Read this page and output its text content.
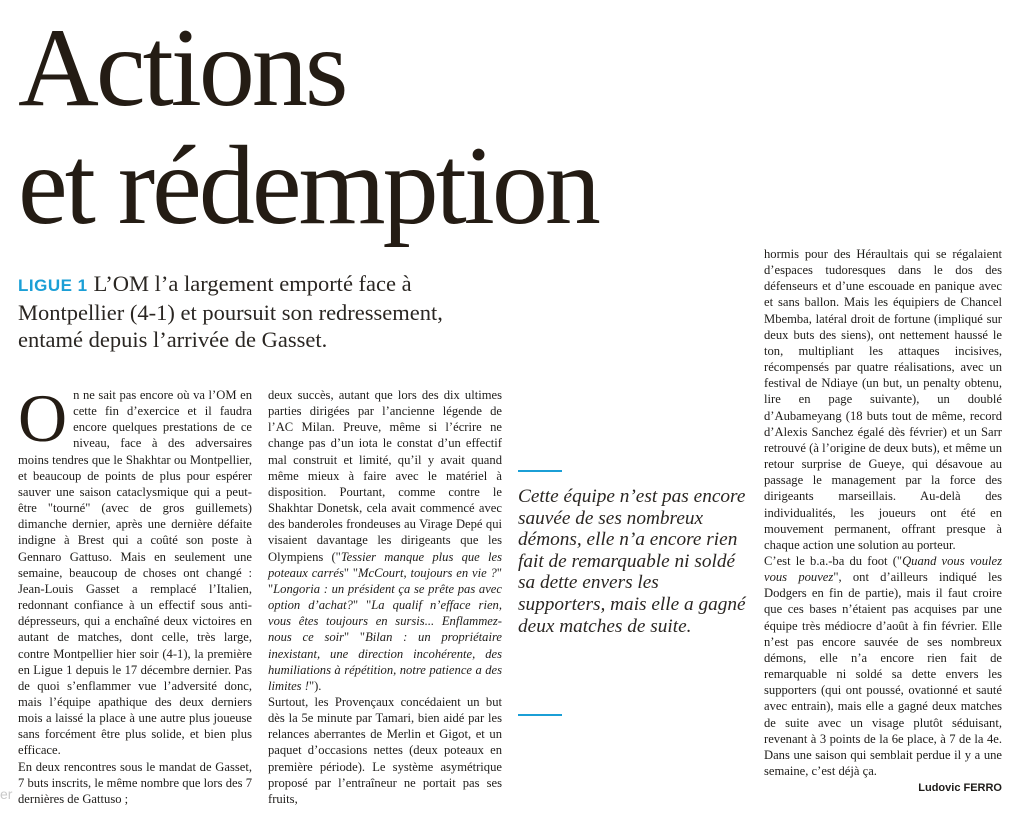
Actions
et rédemption
LIGUE 1 L’OM l’a largement emporté face à Montpellier (4-1) et poursuit son redressement, entamé depuis l’arrivée de Gasset.

On ne sait pas encore où va l’OM en cette fin d’exercice et il faudra encore quelques prestations de ce niveau, face à des adversaires moins tendres que le Shakhtar ou Montpellier, et beaucoup de points de plus pour espérer sauver une saison cataclysmique qui a peut-être "tourné" (avec de gros guillemets) dimanche dernier, après une dernière défaite indigne à Brest qui a coûté son poste à Gennaro Gattuso. Mais en seulement une semaine, beaucoup de choses ont changé : Jean-Louis Gasset a remplacé l’Italien, redonnant confiance à un effectif sous anti-dépresseurs, qui a enchaîné deux victoires en autant de matches, dont celle, très large, contre Montpellier hier soir (4-1), la première en Ligue 1 depuis le 17 décembre dernier. Pas de quoi s’enflammer vue l’adversité donc, mais l’équipe apathique des deux derniers mois a laissé la place à une autre plus joueuse sans forcément être plus solide, et bien plus efficace.

En deux rencontres sous le mandat de Gasset, 7 buts inscrits, le même nombre que lors des 7 dernières de Gattuso ;

deux succès, autant que lors des dix ultimes parties dirigées par l’ancienne légende de l’AC Milan. Preuve, même si l’écrire ne change pas d’un iota le constat d’un effectif mal construit et limité, qu’il y avait quand même mieux à faire avec le matériel à disposition. Pourtant, comme contre le Shakhtar Donetsk, cela avait commencé avec des banderoles frondeuses au Virage Depé qui visaient davantage les dirigeants que les Olympiens ("Tessier manque plus que les poteaux carrés" "McCourt, toujours en vie ?" "Longoria : un président ça se prête pas avec option d’achat?" "La qualif n’efface rien, vous êtes toujours en sursis... Enflammez-nous ce soir" "Bilan : un propriétaire inexistant, une direction incohérente, des humiliations à répétition, notre patience a des limites !").

Surtout, les Provençaux concédaient un but dès la 5e minute par Tamari, bien aidé par les relances aberrantes de Merlin et Gigot, et un paquet d’occasions nettes (deux poteaux en première période). Le système asymétrique proposé par l’entraîneur ne portait pas ses fruits,

Cette équipe n’est pas encore sauvée de ses nombreux démons, elle n’a encore rien fait de remarquable ni soldé sa dette envers les supporters, mais elle a gagné deux matches de suite.

hormis pour des Héraultais qui se régalaient d’espaces tudoresques dans le dos des défenseurs et d’une escouade en panique avec et sans ballon. Mais les équipiers de Chancel Mbemba, latéral droit de fortune (impliqué sur deux buts des siens), ont nettement haussé le ton, multipliant les attaques incisives, récompensés par quatre réalisations, avec un festival de Ndiaye (un but, un penalty obtenu, lire en page suivante), un doublé d’Aubameyang (18 buts tout de même, record d’Alexis Sanchez égalé dès février) et un Sarr retrouvé (à l’origine de deux buts), et même un retour surprise de Gueye, qui désavoue au passage le management par la force des dirigeants marseillais. Au-delà des individualités, les joueurs ont été en mouvement permanent, offrant presque à chaque action une solution au porteur.

C’est le b.a.-ba du foot ("Quand vous voulez vous pouvez", ont d’ailleurs indiqué les Dodgers en fin de partie), mais il faut croire que ces bases n’étaient pas acquises par une équipe très médiocre d’août à fin février. Elle n’est pas encore sauvée de ses nombreux démons, elle n’a encore rien fait de remarquable ni soldé sa dette envers les supporters (qui ont poussé, ovationné et sauté avec entrain), mais elle a gagné deux matches de suite avec un visage plutôt séduisant, revenant à 3 points de la 6e place, à 7 de la 4e. Dans une saison qui semblait perdue il y a une semaine, c’est déjà ça.

Ludovic FERRO
er
